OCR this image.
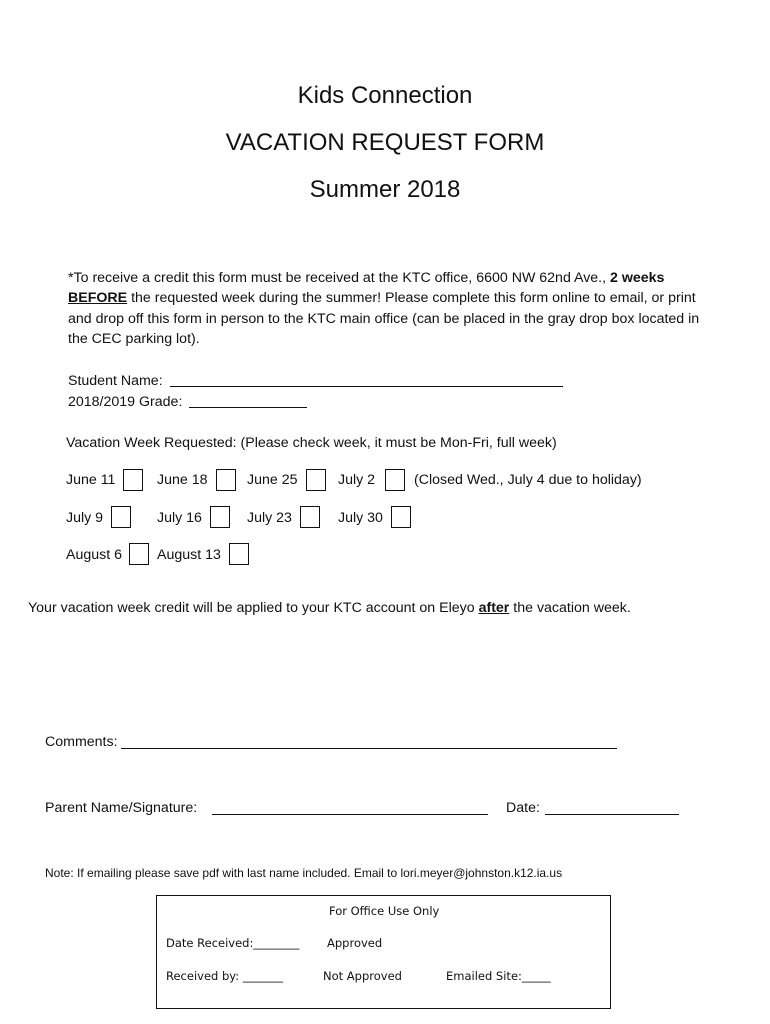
Kids Connection
VACATION REQUEST FORM
Summer 2018
*To receive a credit this form must be received at the KTC office, 6600 NW 62nd Ave., 2 weeks BEFORE the requested week during the summer! Please complete this form online to email, or print and drop off this form in person to the KTC main office (can be placed in the gray drop box located in the CEC parking lot).
Student Name:
2018/2019 Grade:
Vacation Week Requested: (Please check week, it must be Mon-Fri, full week)
June 11	June 18	June 25	July 2	(Closed Wed., July 4 due to holiday)
July 9	July 16	July 23	July 30
August 6 August 13
Your vacation week credit will be applied to your KTC account on Eleyo after the vacation week.
Comments:
Parent Name/Signature:	Date:
Note: If emailing please save pdf with last name included. Email to lori.meyer@johnston.k12.ia.us
For Office Use Only
Date Received:________ Approved
Received by: _______	Not Approved	Emailed Site:_____
